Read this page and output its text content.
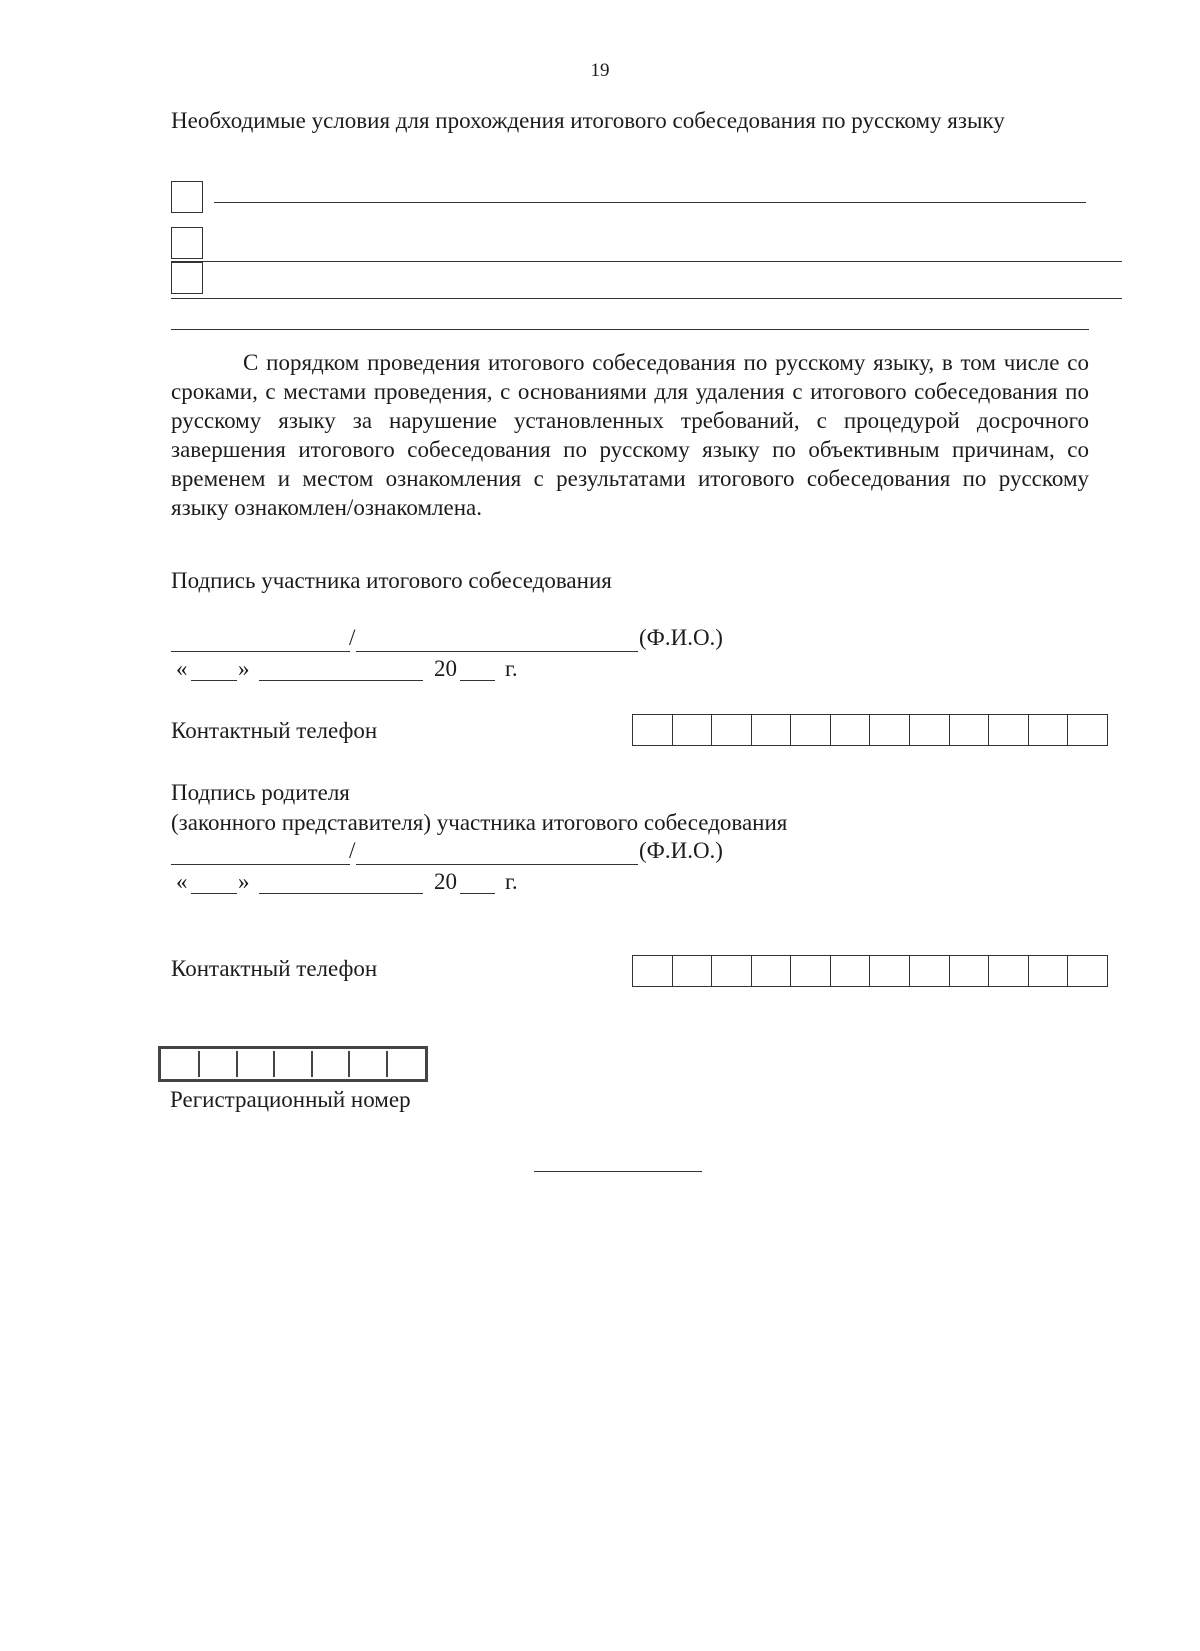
19
Необходимые условия для прохождения итогового собеседования по русскому языку
С порядком проведения итогового собеседования по русскому языку, в том числе со сроками, с местами проведения, с основаниями для удаления с итогового собеседования по русскому языку за нарушение установленных требований, с процедурой досрочного завершения итогового собеседования по русскому языку по объективным причинам, со временем и местом ознакомления с результатами итогового собеседования по русскому языку ознакомлен/ознакомлена.
Подпись участника итогового собеседования
/	(Ф.И.О.)
« »	20 г.
Контактный телефон
Подпись родителя
(законного представителя) участника итогового собеседования
/	(Ф.И.О.)
« »	20 г.
Контактный телефон
Регистрационный номер
